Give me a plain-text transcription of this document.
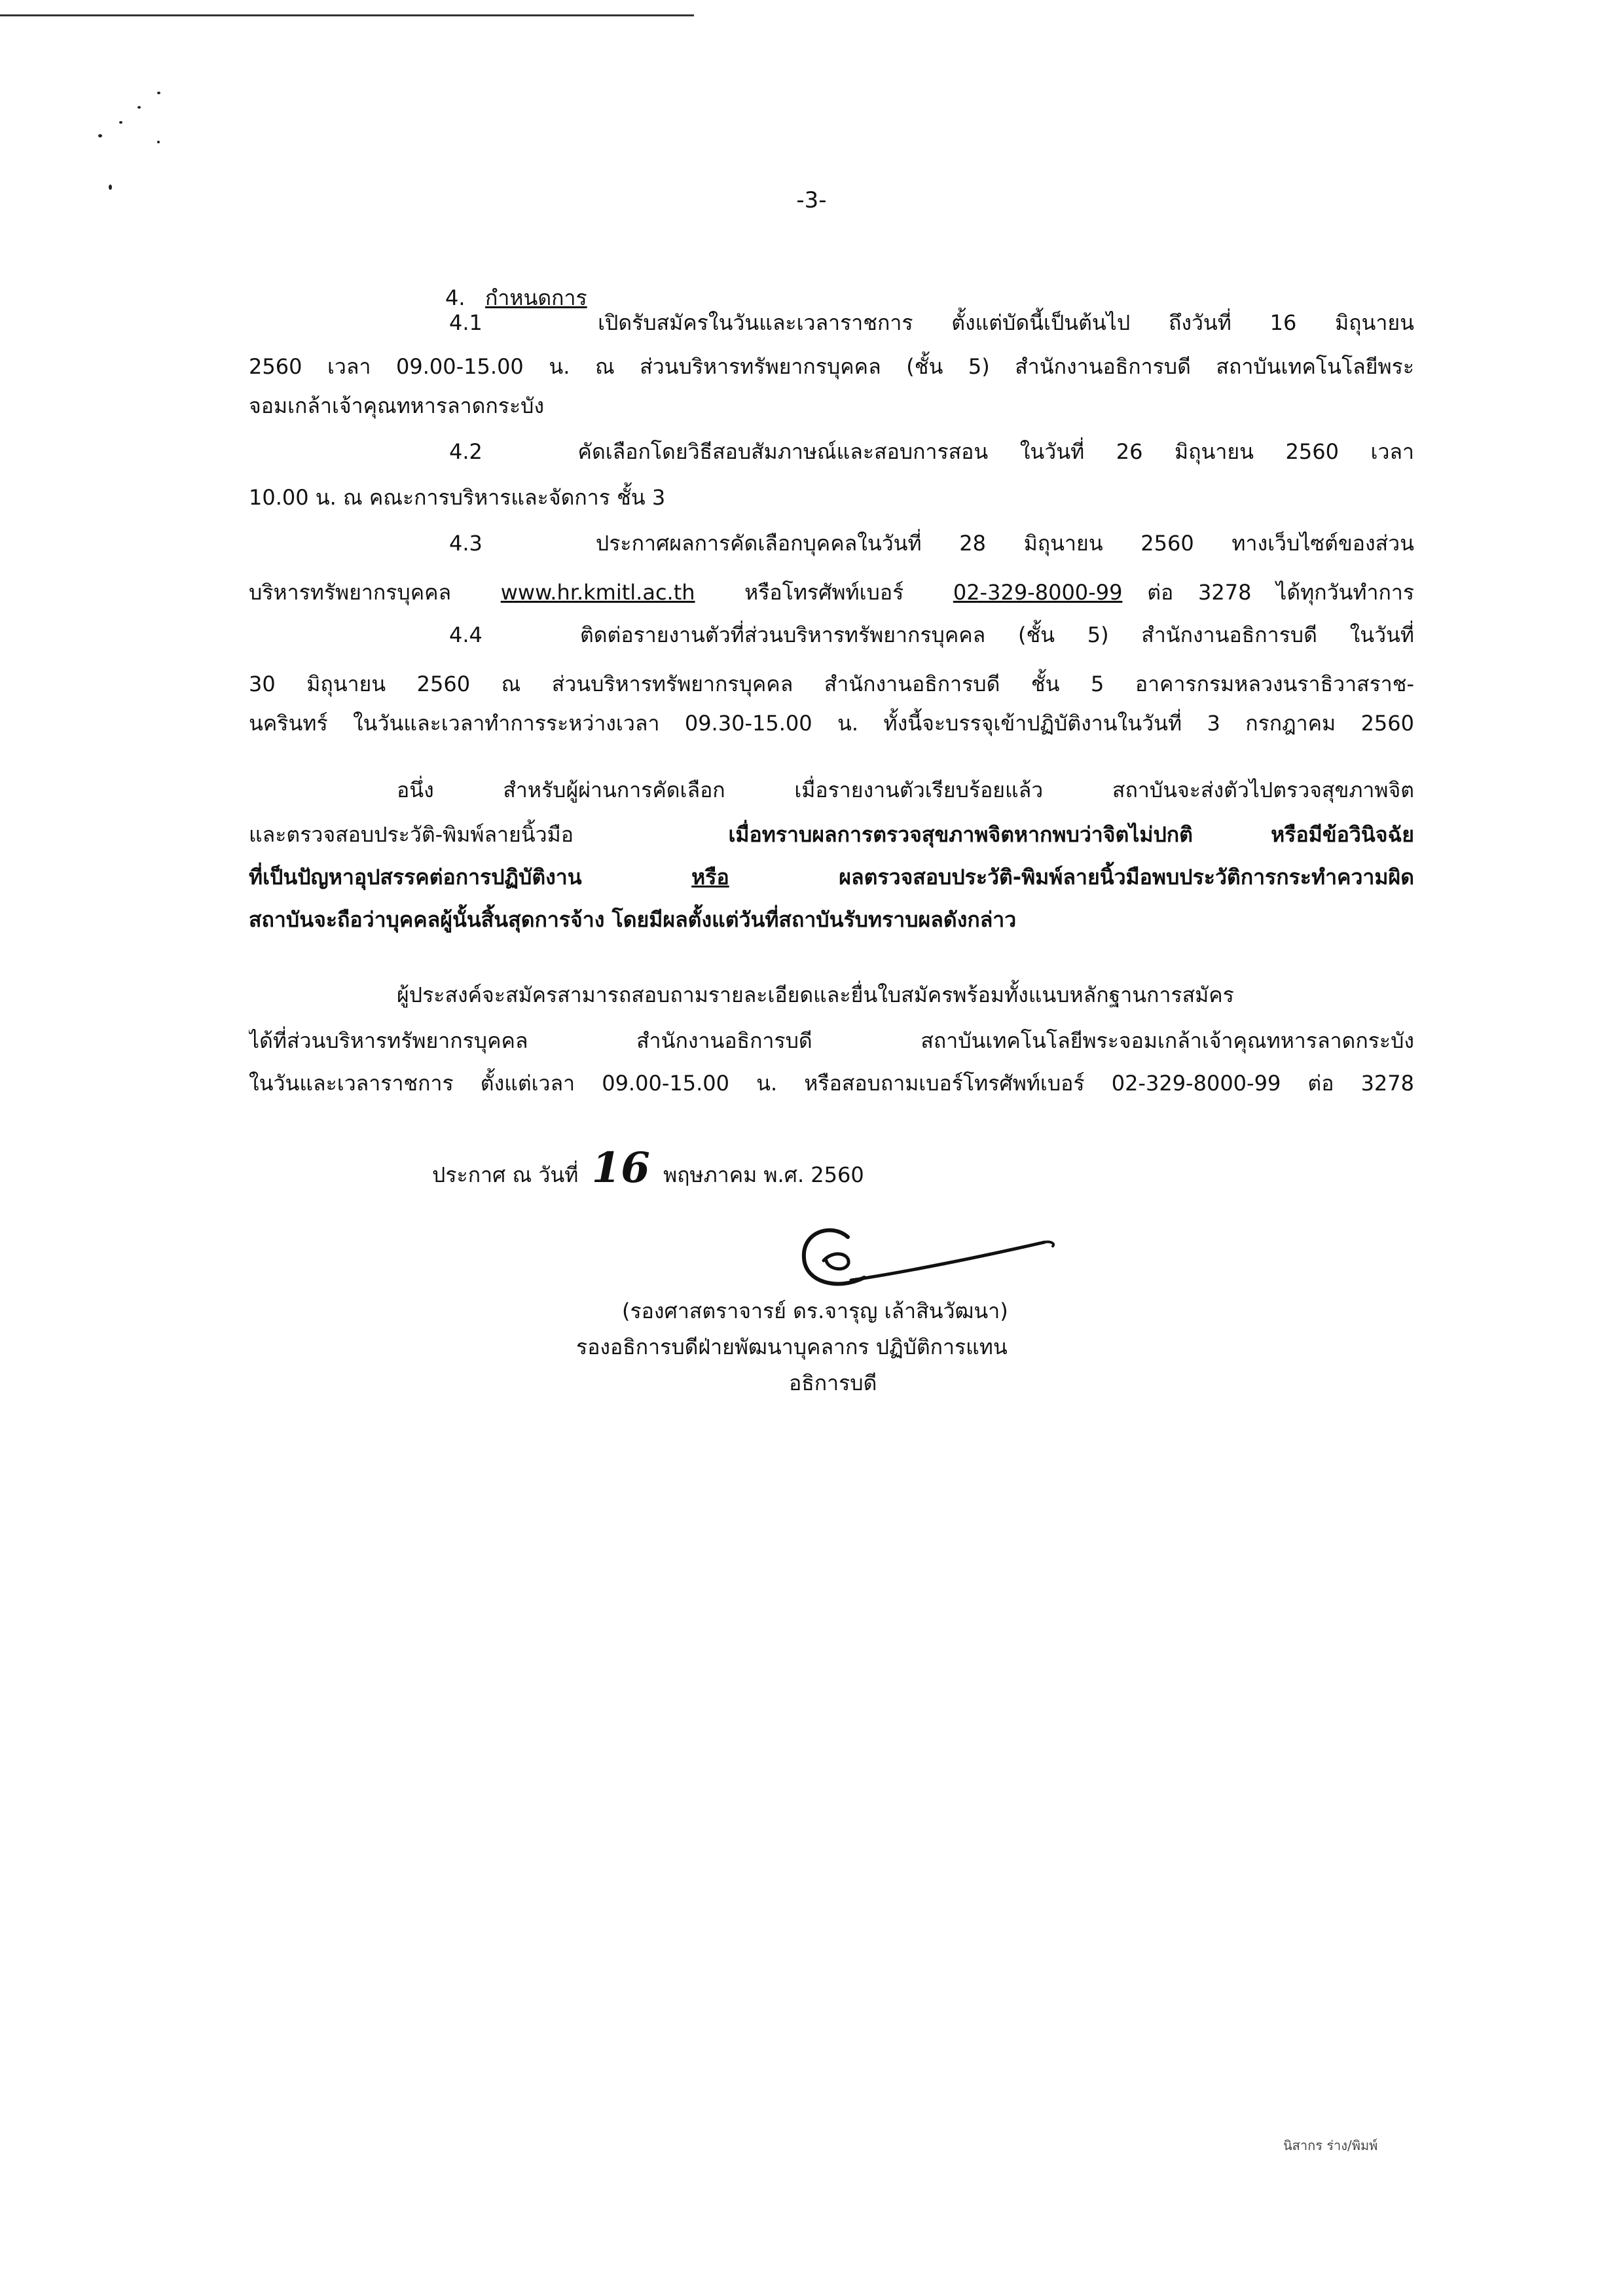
-3-
4. กำหนดการ
4.1	เปิดรับสมัครในวันและเวลาราชการ ตั้งแต่บัดนี้เป็นต้นไป ถึงวันที่ 16 มิถุนายน
2560 เวลา 09.00-15.00 น. ณ ส่วนบริหารทรัพยากรบุคคล (ชั้น 5) สำนักงานอธิการบดี สถาบันเทคโนโลยีพระ
จอมเกล้าเจ้าคุณทหารลาดกระบัง
4.2	คัดเลือกโดยวิธีสอบสัมภาษณ์และสอบการสอน ในวันที่ 26 มิถุนายน 2560 เวลา
10.00 น. ณ คณะการบริหารและจัดการ ชั้น 3
4.3	ประกาศผลการคัดเลือกบุคคลในวันที่ 28 มิถุนายน 2560 ทางเว็บไซต์ของส่วน
บริหารทรัพยากรบุคคล www.hr.kmitl.ac.th หรือโทรศัพท์เบอร์ 02-329-8000-99 ต่อ 3278 ได้ทุกวันทำการ
4.4	ติดต่อรายงานตัวที่ส่วนบริหารทรัพยากรบุคคล (ชั้น 5) สำนักงานอธิการบดี ในวันที่
30 มิถุนายน 2560 ณ ส่วนบริหารทรัพยากรบุคคล สำนักงานอธิการบดี ชั้น 5 อาคารกรมหลวงนราธิวาสราช-
นครินทร์ ในวันและเวลาทำการระหว่างเวลา 09.30-15.00 น. ทั้งนี้จะบรรจุเข้าปฏิบัติงานในวันที่ 3 กรกฎาคม 2560
อนึ่ง สำหรับผู้ผ่านการคัดเลือก เมื่อรายงานตัวเรียบร้อยแล้ว สถาบันจะส่งตัวไปตรวจสุขภาพจิต
และตรวจสอบประวัติ-พิมพ์ลายนิ้วมือ	เมื่อทราบผลการตรวจสุขภาพจิตหากพบว่าจิตไม่ปกติ หรือมีข้อวินิจฉัย
ที่เป็นปัญหาอุปสรรคต่อการปฏิบัติงาน	หรือ	ผลตรวจสอบประวัติ-พิมพ์ลายนิ้วมือพบประวัติการกระทำความผิด
สถาบันจะถือว่าบุคคลผู้นั้นสิ้นสุดการจ้าง โดยมีผลตั้งแต่วันที่สถาบันรับทราบผลดังกล่าว
ผู้ประสงค์จะสมัครสามารถสอบถามรายละเอียดและยื่นใบสมัครพร้อมทั้งแนบหลักฐานการสมัคร
ได้ที่ส่วนบริหารทรัพยากรบุคคล สำนักงานอธิการบดี สถาบันเทคโนโลยีพระจอมเกล้าเจ้าคุณทหารลาดกระบัง
ในวันและเวลาราชการ ตั้งแต่เวลา 09.00-15.00 น. หรือสอบถามเบอร์โทรศัพท์เบอร์ 02-329-8000-99 ต่อ 3278
ประกาศ ณ วันที่ 16 พฤษภาคม พ.ศ. 2560
(รองศาสตราจารย์ ดร.จารุญ เล้าสินวัฒนา)
รองอธิการบดีฝ่ายพัฒนาบุคลากร ปฏิบัติการแทน
อธิการบดี
นิสากร ร่าง/พิมพ์
